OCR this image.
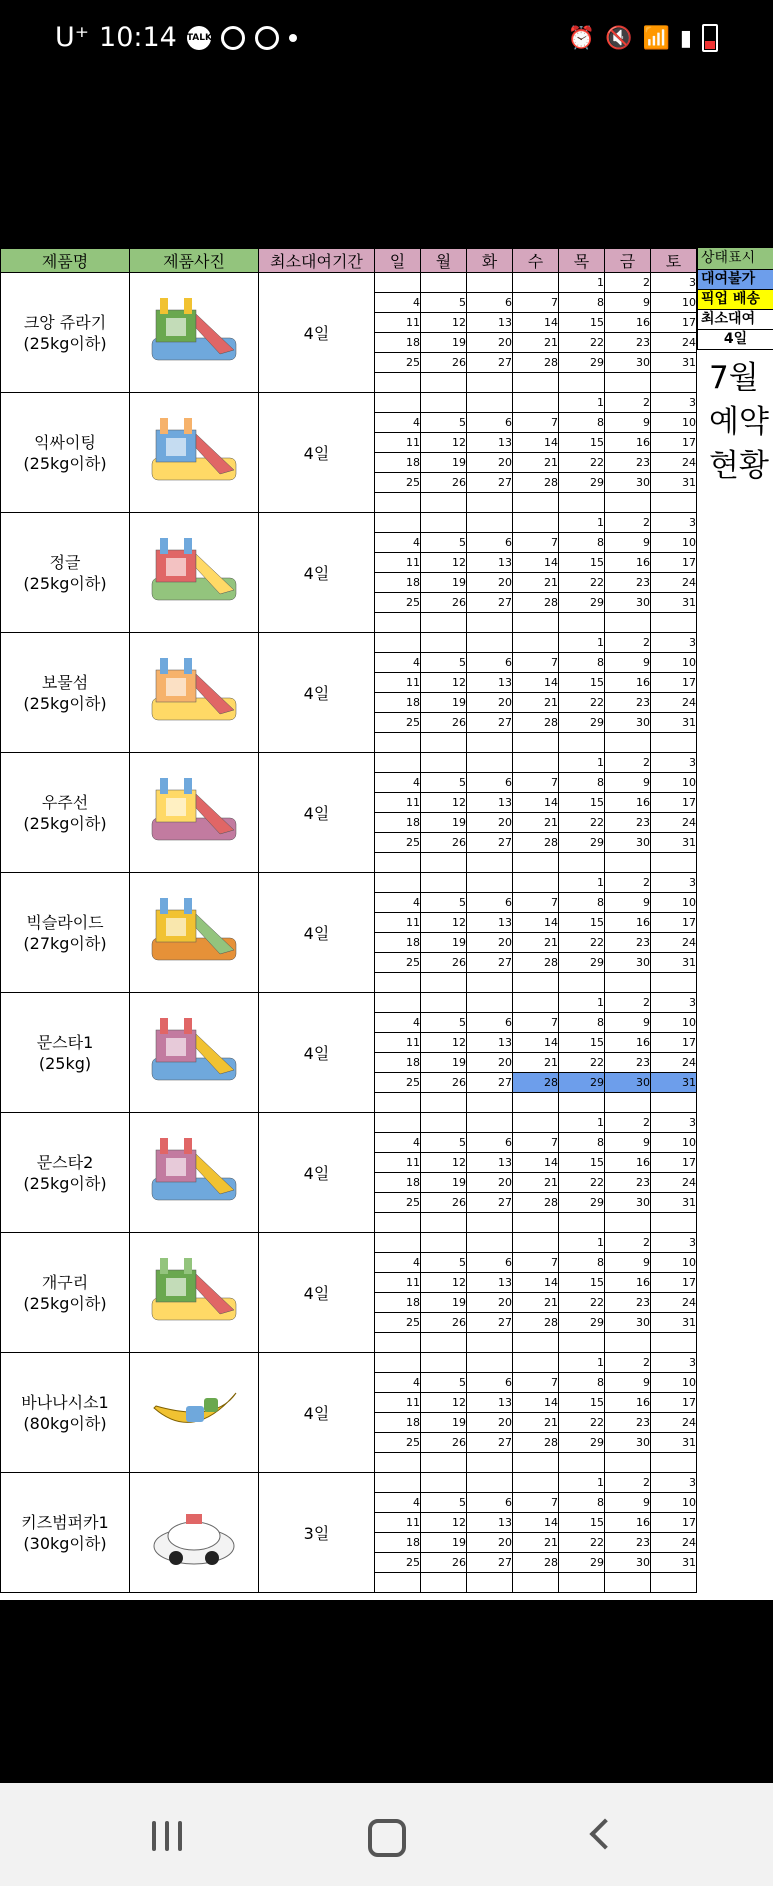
U⁺ 10:14 TALK	⏰ 🔇 📶 ▮
제품명	제품사진	최소대여기간	일	월	화	수	목	금	토

크앙 쥬라기
(25kg이하)		4일					1	2	3
			4	5	6	7	8	9	10
			11	12	13	14	15	16	17
			18	19	20	21	22	23	24
			25	26	27	28	29	30	31

익싸이팅
(25kg이하)		4일					1	2	3
			4	5	6	7	8	9	10
			11	12	13	14	15	16	17
			18	19	20	21	22	23	24
			25	26	27	28	29	30	31

정글
(25kg이하)		4일					1	2	3
			4	5	6	7	8	9	10
			11	12	13	14	15	16	17
			18	19	20	21	22	23	24
			25	26	27	28	29	30	31

보물섬
(25kg이하)		4일					1	2	3
			4	5	6	7	8	9	10
			11	12	13	14	15	16	17
			18	19	20	21	22	23	24
			25	26	27	28	29	30	31

우주선
(25kg이하)		4일					1	2	3
			4	5	6	7	8	9	10
			11	12	13	14	15	16	17
			18	19	20	21	22	23	24
			25	26	27	28	29	30	31

빅슬라이드
(27kg이하)		4일					1	2	3
			4	5	6	7	8	9	10
			11	12	13	14	15	16	17
			18	19	20	21	22	23	24
			25	26	27	28	29	30	31

문스타1
(25kg)		4일					1	2	3
			4	5	6	7	8	9	10
			11	12	13	14	15	16	17
			18	19	20	21	22	23	24
			25	26	27	28	29	30	31

문스타2
(25kg이하)		4일					1	2	3
			4	5	6	7	8	9	10
			11	12	13	14	15	16	17
			18	19	20	21	22	23	24
			25	26	27	28	29	30	31

개구리
(25kg이하)		4일					1	2	3
			4	5	6	7	8	9	10
			11	12	13	14	15	16	17
			18	19	20	21	22	23	24
			25	26	27	28	29	30	31

바나나시소1
(80kg이하)		4일					1	2	3
			4	5	6	7	8	9	10
			11	12	13	14	15	16	17
			18	19	20	21	22	23	24
			25	26	27	28	29	30	31

키즈범퍼카1
(30kg이하)		3일					1	2	3
			4	5	6	7	8	9	10
			11	12	13	14	15	16	17
			18	19	20	21	22	23	24
			25	26	27	28	29	30	31

상태표시
대여불가
픽업 배송
최소대여
4일
7월
예약
현황
